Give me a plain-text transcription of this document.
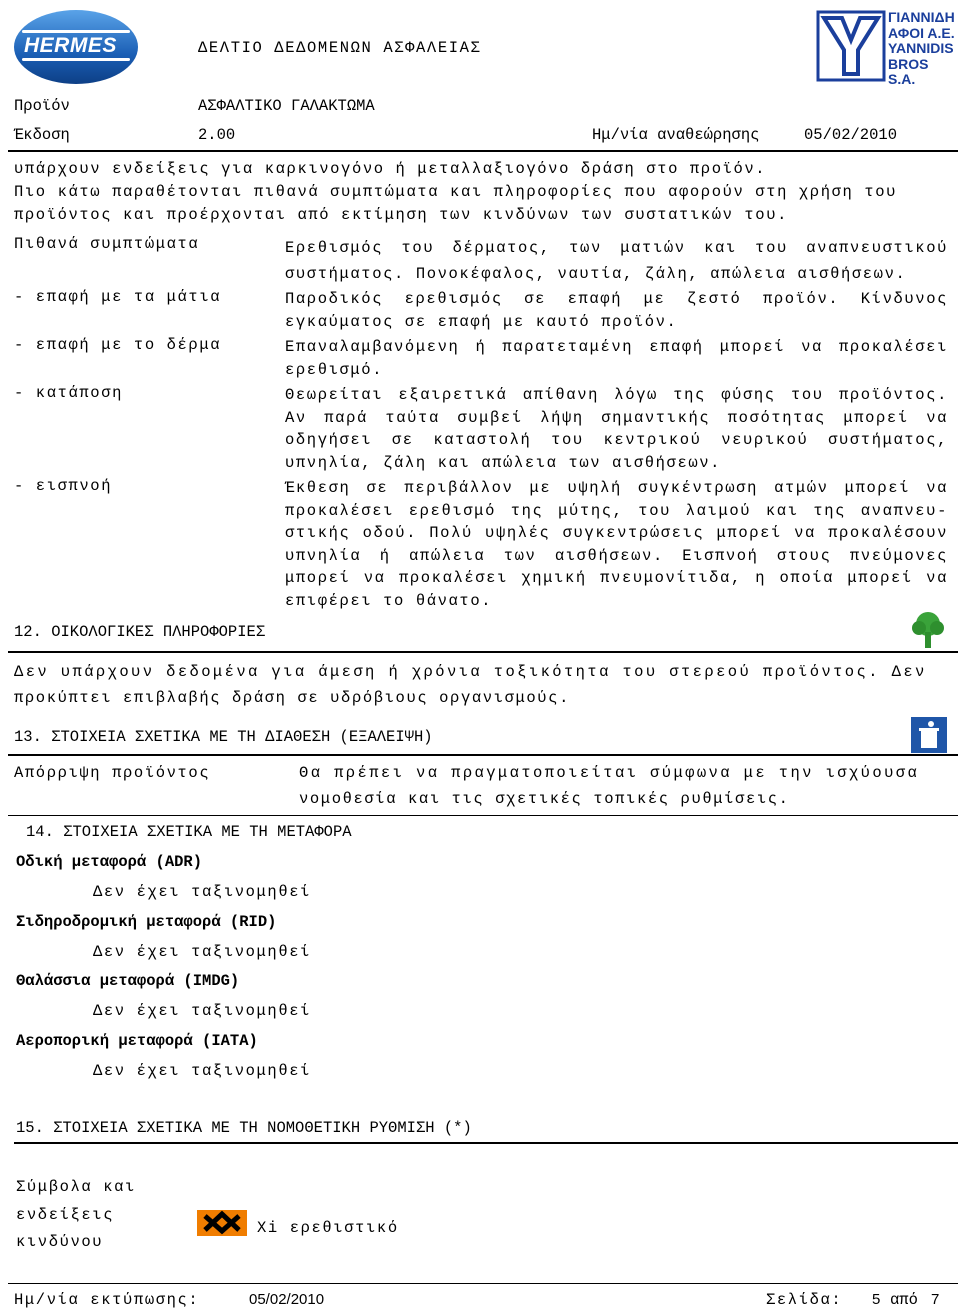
HERMES	ΔΕΛΤΙΟ ΔΕΔΟΜΕΝΩΝ ΑΣΦΑΛΕΙΑΣ
ΓΙΑΝΝΙΔΗ
ΑΦΟΙ Α.Ε.
YANNIDIS
BROS S.A.
Προϊόν	ΑΣΦΑΛΤΙΚΟ ΓΑΛΑΚΤΩΜΑ
Έκδοση	2.00	Ημ/νία αναθεώρησης	05/02/2010
υπάρχουν ενδείξεις για καρκινογόνο ή μεταλλαξιογόνο δράση στο προϊόν.
Πιο κάτω παραθέτονται πιθανά συμπτώματα και πληροφορίες που αφορούν στη χρήση του
προϊόντος και προέρχονται από εκτίμηση των κινδύνων των συστατικών του.
Πιθανά συμπτώματα	Ερεθισμός του δέρματος, των ματιών και του αναπνευστικού συστήματος. Πονοκέφαλος, ναυτία, ζάλη, απώλεια αισθήσεων.
- επαφή με τα μάτια	Παροδικός ερεθισμός σε επαφή με ζεστό προϊόν. Κίνδυνος εγκαύματος σε επαφή με καυτό προϊόν.
- επαφή με το δέρμα	Επαναλαμβανόμενη ή παρατεταμένη επαφή μπορεί να προκαλέσει ερεθισμό.
- κατάποση	Θεωρείται εξαιρετικά απίθανη λόγω της φύσης του προϊόντος. Αν παρά ταύτα συμβεί λήψη σημαντικής ποσότητας μπορεί να οδηγήσει σε καταστολή του κεντρικού νευρικού συστήματος, υπνηλία, ζάλη και απώλεια των αισθήσεων.
- εισπνοή	Έκθεση σε περιβάλλον με υψηλή συγκέντρωση ατμών μπορεί να προκαλέσει ερεθισμό της μύτης, του λαιμού και της αναπνευ-στικής οδού. Πολύ υψηλές συγκεντρώσεις μπορεί να προκαλέσουν υπνηλία ή απώλεια των αισθήσεων. Εισπνοή στους πνεύμονες μπορεί να προκαλέσει χημική πνευμονίτιδα, η οποία μπορεί να επιφέρει το θάνατο.
12. ΟΙΚΟΛΟΓΙΚΕΣ ΠΛΗΡΟΦΟΡΙΕΣ
Δεν υπάρχουν δεδομένα για άμεση ή χρόνια τοξικότητα του στερεού προϊόντος. Δεν
προκύπτει επιβλαβής δράση σε υδρόβιους οργανισμούς.
13. ΣΤΟΙΧΕΙΑ ΣΧΕΤΙΚΑ ΜΕ ΤΗ ΔΙΑΘΕΣΗ (ΕΞΑΛΕΙΨΗ)
Απόρριψη προϊόντος	Θα πρέπει να πραγματοποιείται σύμφωνα με την ισχύουσα
νομοθεσία και τις σχετικές τοπικές ρυθμίσεις.
14. ΣΤΟΙΧΕΙΑ ΣΧΕΤΙΚΑ ΜΕ ΤΗ ΜΕΤΑΦΟΡΑ
Οδική μεταφορά (ADR)
Δεν έχει ταξινομηθεί
Σιδηροδρομική μεταφορά (RID)
Δεν έχει ταξινομηθεί
Θαλάσσια μεταφορά (IMDG)
Δεν έχει ταξινομηθεί
Αεροπορική μεταφορά (IATA)
Δεν έχει ταξινομηθεί
15. ΣΤΟΙΧΕΙΑ ΣΧΕΤΙΚΑ ΜΕ ΤΗ ΝΟΜΟΘΕΤΙΚΗ ΡΥΘΜΙΣΗ (*)
Σύμβολα και
ενδείξεις
κινδύνου
Xi ερεθιστικό
Ημ/νία εκτύπωσης:	05/02/2010	Σελίδα: 5 από 7
